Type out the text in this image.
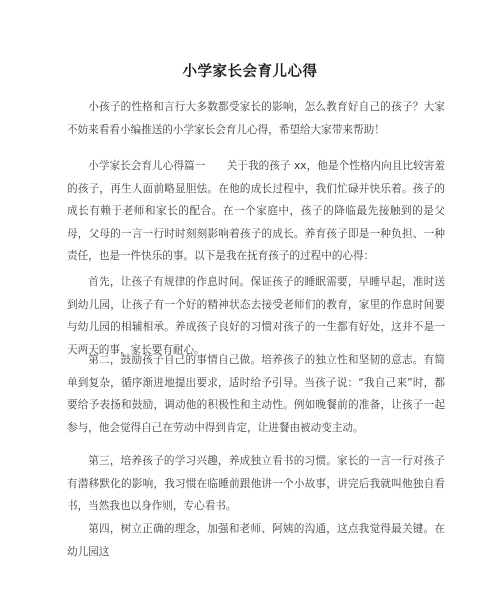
小学家长会育儿心得
小孩子的性格和言行大多数都受家长的影响，怎么教育好自己的孩子？大家不妨来看看小编推送的小学家长会育儿心得，希望给大家带来帮助！
小学家长会育儿心得篇一　　关于我的孩子 xx，他是个性格内向且比较害羞的孩子，再生人面前略显胆怯。在他的成长过程中，我们忙碌并快乐着。孩子的成长有赖于老师和家长的配合。在一个家庭中，孩子的降临最先接触到的是父母，父母的一言一行时时刻刻影响着孩子的成长。养育孩子即是一种负担、一种责任，也是一件快乐的事。以下是我在抚育孩子的过程中的心得：
首先，让孩子有规律的作息时间。保证孩子的睡眠需要，早睡早起，准时送到幼儿园，让孩子有一个好的精神状态去接受老师们的教育，家里的作息时间要与幼儿园的相辅相承。养成孩子良好的习惯对孩子的一生都有好处，这并不是一天两天的事，家长要有耐心。
第二，鼓励孩子自己的事情自己做。培养孩子的独立性和坚韧的意志。有简单到复杂，循序渐进地提出要求，适时给予引导。当孩子说：“我自己来”时，都要给予表扬和鼓励，调动他的积极性和主动性。例如晚餐前的准备，让孩子一起参与，他会觉得自己在劳动中得到肯定，让进餐由被动变主动。
第三，培养孩子的学习兴趣，养成独立看书的习惯。家长的一言一行对孩子有潜移默化的影响，我习惯在临睡前跟他讲一个小故事，讲完后我就叫他独自看书，当然我也以身作则，专心看书。
第四，树立正确的理念，加强和老师、阿姨的沟通，这点我觉得最关键。在幼儿园这
